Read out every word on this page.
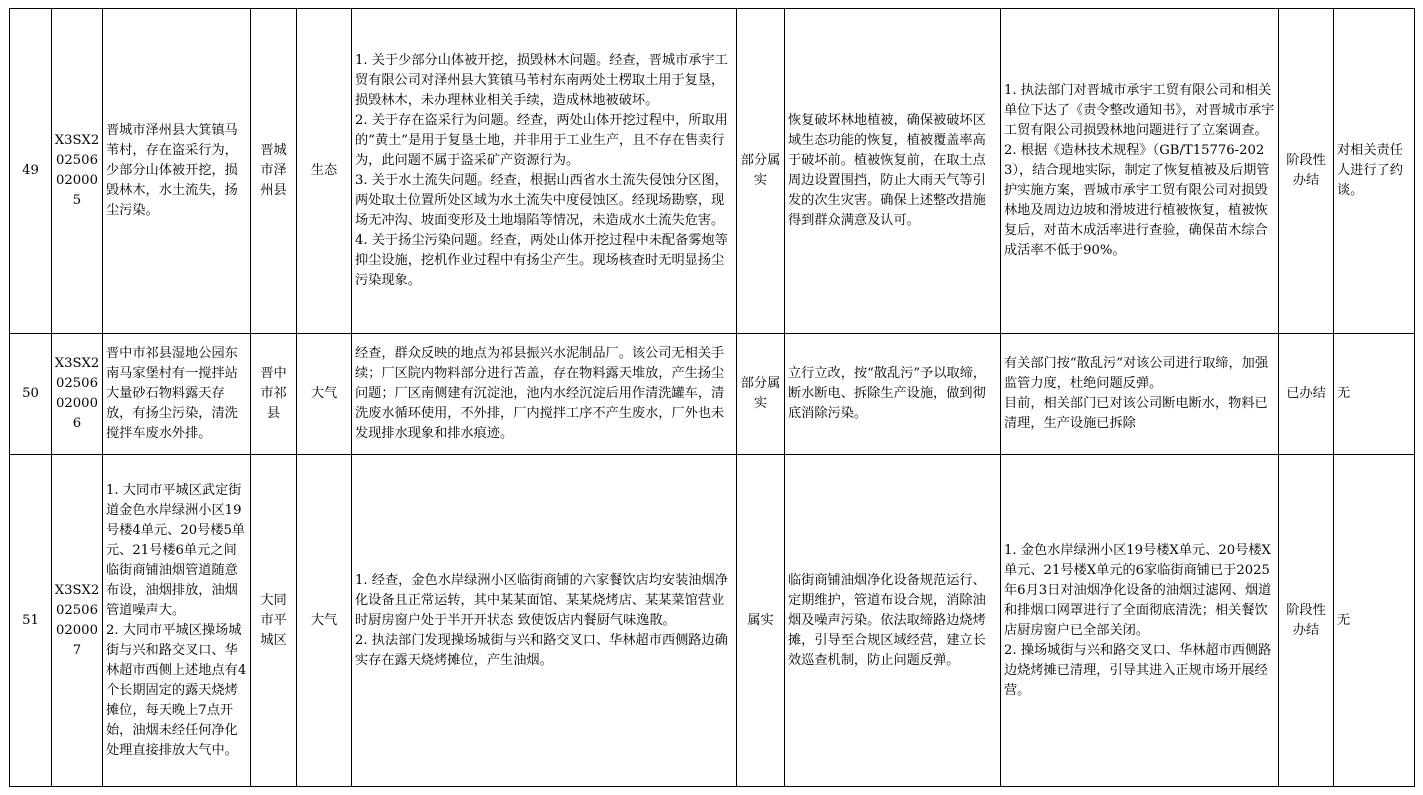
49	X3SX202506020005	晋城市泽州县大箕镇马苇村，存在盗采行为，少部分山体被开挖，损毁林木，水土流失，扬尘污染。	晋城市泽州县	生态	1. 关于少部分山体被开挖，损毁林木问题。经查，晋城市承宇工贸有限公司对泽州县大箕镇马苇村东南两处土楞取土用于复垦，损毁林木，未办理林业相关手续，造成林地被破坏。
2. 关于存在盗采行为问题。经查，两处山体开挖过程中，所取用的“黄土”是用于复垦土地，并非用于工业生产，且不存在售卖行为，此问题不属于盗采矿产资源行为。
3. 关于水土流失问题。经查，根据山西省水土流失侵蚀分区图，两处取土位置所处区域为水土流失中度侵蚀区。经现场勘察，现场无冲沟、坡面变形及土地塌陷等情况，未造成水土流失危害。
4. 关于扬尘污染问题。经查，两处山体开挖过程中未配备雾炮等抑尘设施，挖机作业过程中有扬尘产生。现场核查时无明显扬尘污染现象。	部分属实	恢复破坏林地植被，确保被破坏区域生态功能的恢复，植被覆盖率高于破坏前。植被恢复前，在取土点周边设置围挡，防止大雨天气等引发的次生灾害。确保上述整改措施得到群众满意及认可。	1. 执法部门对晋城市承宇工贸有限公司和相关单位下达了《责令整改通知书》，对晋城市承宇工贸有限公司损毁林地问题进行了立案调查。
2. 根据《造林技术规程》（GB/T15776-2023），结合现地实际，制定了恢复植被及后期管护实施方案，晋城市承宇工贸有限公司对损毁林地及周边边坡和滑坡进行植被恢复，植被恢复后，对苗木成活率进行查验，确保苗木综合成活率不低于90%。	阶段性办结	对相关责任人进行了约谈。
50	X3SX202506020006	晋中市祁县湿地公园东南马家堡村有一搅拌站大量砂石物料露天存放，有扬尘污染，清洗搅拌车废水外排。	晋中市祁县	大气	经查，群众反映的地点为祁县振兴水泥制品厂。该公司无相关手续；厂区院内物料部分进行苫盖，存在物料露天堆放，产生扬尘问题；厂区南侧建有沉淀池，池内水经沉淀后用作清洗罐车，清洗废水循环使用，不外排，厂内搅拌工序不产生废水，厂外也未发现排水现象和排水痕迹。	部分属实	立行立改，按“散乱污”予以取缔，断水断电、拆除生产设施，做到彻底消除污染。	有关部门按“散乱污”对该公司进行取缔，加强监管力度，杜绝问题反弹。
目前，相关部门已对该公司断电断水，物料已清理，生产设施已拆除	已办结	无
51	X3SX202506020007	1. 大同市平城区武定街道金色水岸绿洲小区19号楼4单元、20号楼5单元、21号楼6单元之间临街商铺油烟管道随意布设，油烟排放，油烟管道噪声大。
2. 大同市平城区操场城街与兴和路交叉口、华林超市西侧上述地点有4个长期固定的露天烧烤摊位，每天晚上7点开始，油烟未经任何净化处理直接排放大气中。	大同市平城区	大气	1. 经查，金色水岸绿洲小区临街商铺的六家餐饮店均安装油烟净化设备且正常运转，其中某某面馆、某某烧烤店、某某菜馆营业时厨房窗户处于半开开状态 致使饭店内餐厨气味逸散。
2. 执法部门发现操场城街与兴和路交叉口、华林超市西侧路边确实存在露天烧烤摊位，产生油烟。	属实	临街商铺油烟净化设备规范运行、定期维护，管道布设合规，消除油烟及噪声污染。依法取缔路边烧烤摊，引导至合规区域经营，建立长效巡查机制，防止问题反弹。	1. 金色水岸绿洲小区19号楼X单元、20号楼X单元、21号楼X单元的6家临街商铺已于2025年6月3日对油烟净化设备的油烟过滤网、烟道和排烟口网罩进行了全面彻底清洗；相关餐饮店厨房窗户已全部关闭。
2. 操场城街与兴和路交叉口、华林超市西侧路边烧烤摊已清理，引导其进入正规市场开展经营。	阶段性办结	无
